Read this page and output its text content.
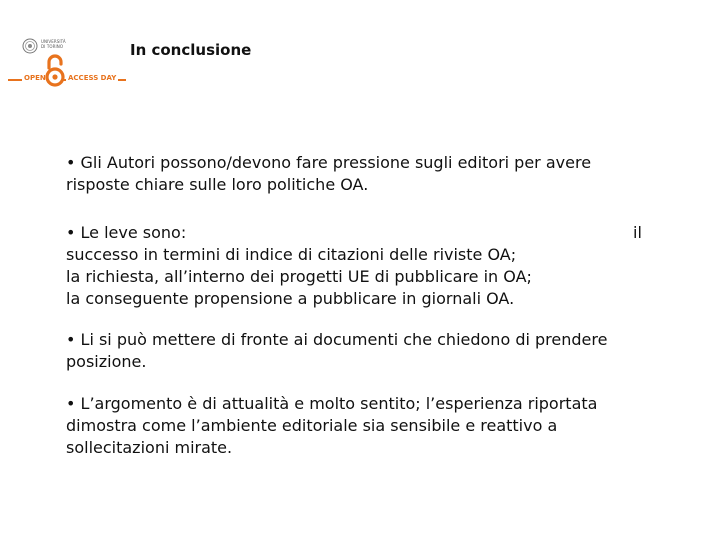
UNIVERSITÀ
DI TORINO
OPEN	ACCESS DAY
In conclusione
• Gli Autori possono/devono fare pressione sugli editori per avere
risposte chiare sulle loro politiche OA.
• Le leve sono:
successo in termini di indice di citazioni delle riviste OA;
la richiesta, all’interno dei progetti UE di pubblicare in OA;
la conseguente propensione a pubblicare in giornali OA.
il
• Li si può mettere di fronte ai documenti che chiedono di prendere
posizione.
• L’argomento è di attualità e molto sentito; l’esperienza riportata
dimostra come l’ambiente editoriale sia sensibile e reattivo a
sollecitazioni mirate.
